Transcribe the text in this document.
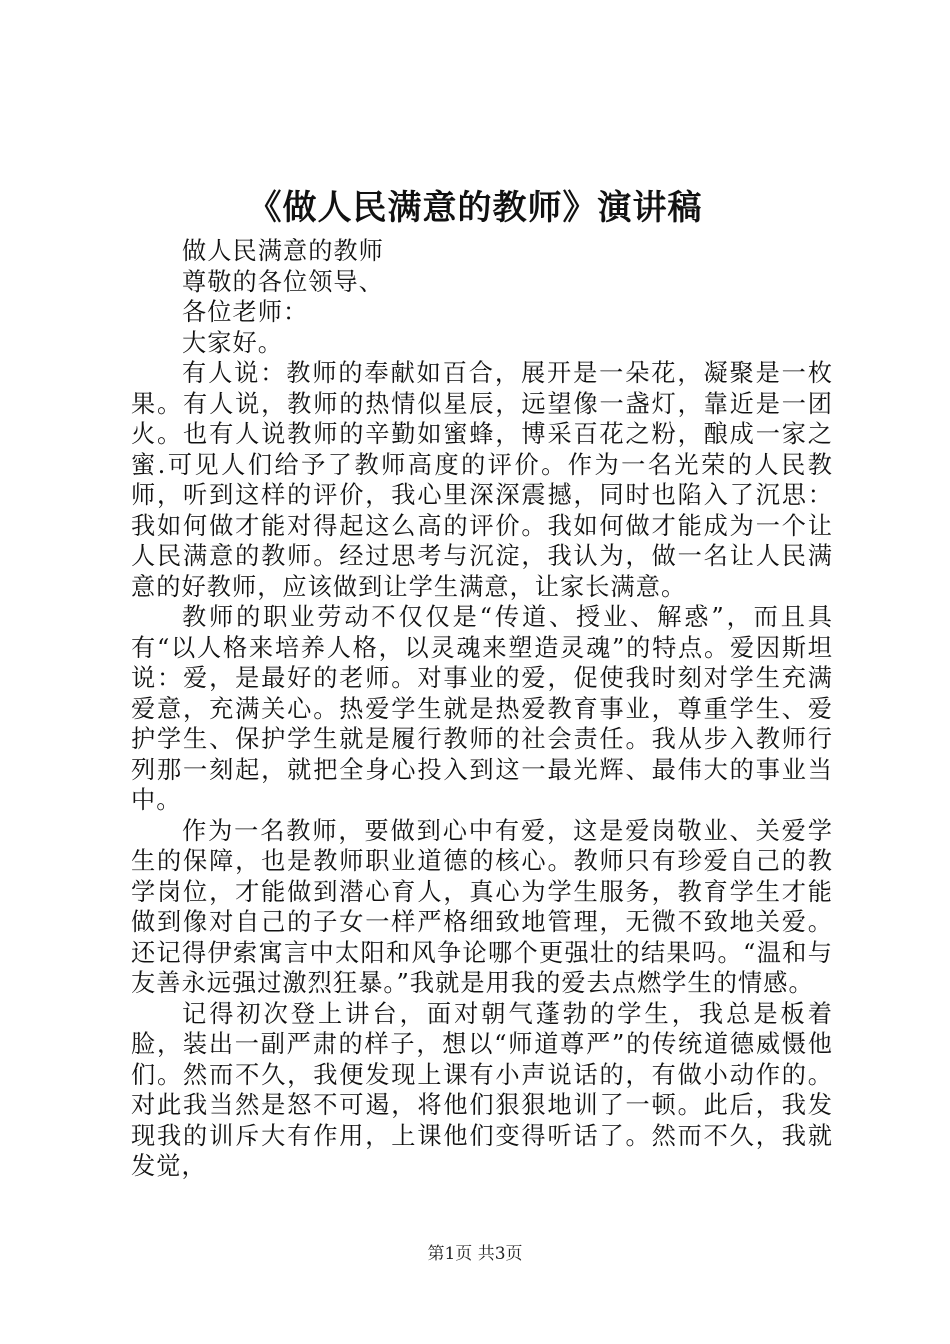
《做人民满意的教师》演讲稿

做人民满意的教师

尊敬的各位领导、

各位老师：

大家好。

有人说：教师的奉献如百合，展开是一朵花，凝聚是一枚果。有人说，教师的热情似星辰，远望像一盏灯，靠近是一团火。也有人说教师的辛勤如蜜蜂，博采百花之粉，酿成一家之蜜.可见人们给予了教师高度的评价。作为一名光荣的人民教师，听到这样的评价，我心里深深震撼，同时也陷入了沉思：我如何做才能对得起这么高的评价。我如何做才能成为一个让人民满意的教师。经过思考与沉淀，我认为，做一名让人民满意的好教师，应该做到让学生满意，让家长满意。

教师的职业劳动不仅仅是“传道、授业、解惑”，而且具有“以人格来培养人格，以灵魂来塑造灵魂”的特点。爱因斯坦说：爱，是最好的老师。对事业的爱，促使我时刻对学生充满爱意，充满关心。热爱学生就是热爱教育事业，尊重学生、爱护学生、保护学生就是履行教师的社会责任。我从步入教师行列那一刻起，就把全身心投入到这一最光辉、最伟大的事业当中。

作为一名教师，要做到心中有爱，这是爱岗敬业、关爱学生的保障，也是教师职业道德的核心。教师只有珍爱自己的教学岗位，才能做到潜心育人，真心为学生服务，教育学生才能做到像对自己的子女一样严格细致地管理，无微不致地关爱。还记得伊索寓言中太阳和风争论哪个更强壮的结果吗。“温和与友善永远强过激烈狂暴。”我就是用我的爱去点燃学生的情感。

记得初次登上讲台，面对朝气蓬勃的学生，我总是板着脸，装出一副严肃的样子，想以“师道尊严”的传统道德威慑他们。然而不久，我便发现上课有小声说话的，有做小动作的。对此我当然是怒不可遏，将他们狠狠地训了一顿。此后，我发现我的训斥大有作用，上课他们变得听话了。然而不久，我就发觉，

第1页 共3页
